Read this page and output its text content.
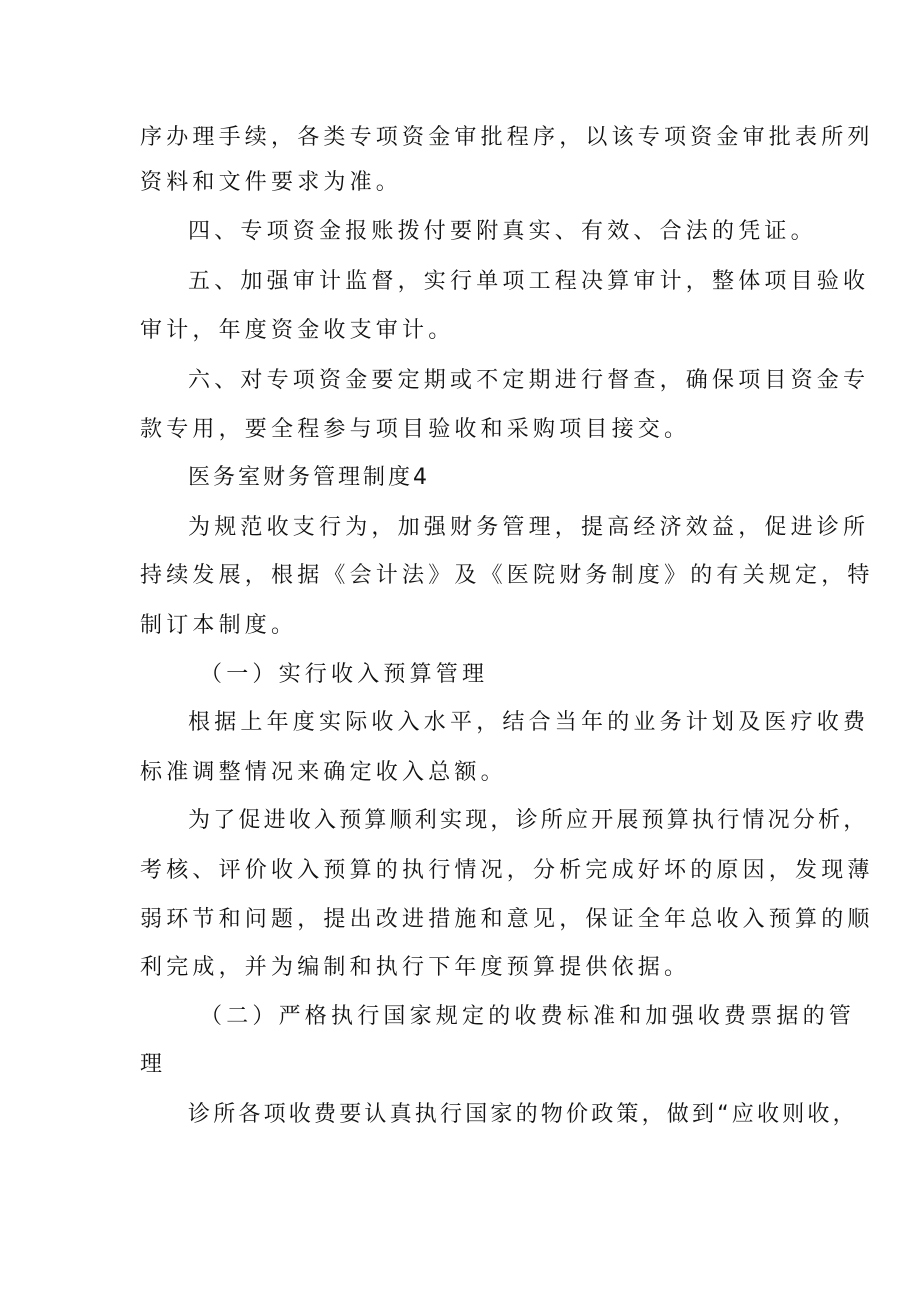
序办理手续，各类专项资金审批程序，以该专项资金审批表所列
资料和文件要求为准。
四、专项资金报账拨付要附真实、有效、合法的凭证。
五、加强审计监督，实行单项工程决算审计，整体项目验收
审计，年度资金收支审计。
六、对专项资金要定期或不定期进行督查，确保项目资金专
款专用，要全程参与项目验收和采购项目接交。
医务室财务管理制度4
为规范收支行为，加强财务管理，提高经济效益，促进诊所
持续发展，根据《会计法》及《医院财务制度》的有关规定，特
制订本制度。
（一）实行收入预算管理
根据上年度实际收入水平，结合当年的业务计划及医疗收费
标准调整情况来确定收入总额。
为了促进收入预算顺利实现，诊所应开展预算执行情况分析，
考核、评价收入预算的执行情况，分析完成好坏的原因，发现薄
弱环节和问题，提出改进措施和意见，保证全年总收入预算的顺
利完成，并为编制和执行下年度预算提供依据。
（二）严格执行国家规定的收费标准和加强收费票据的管
理
诊所各项收费要认真执行国家的物价政策，做到“应收则收，
